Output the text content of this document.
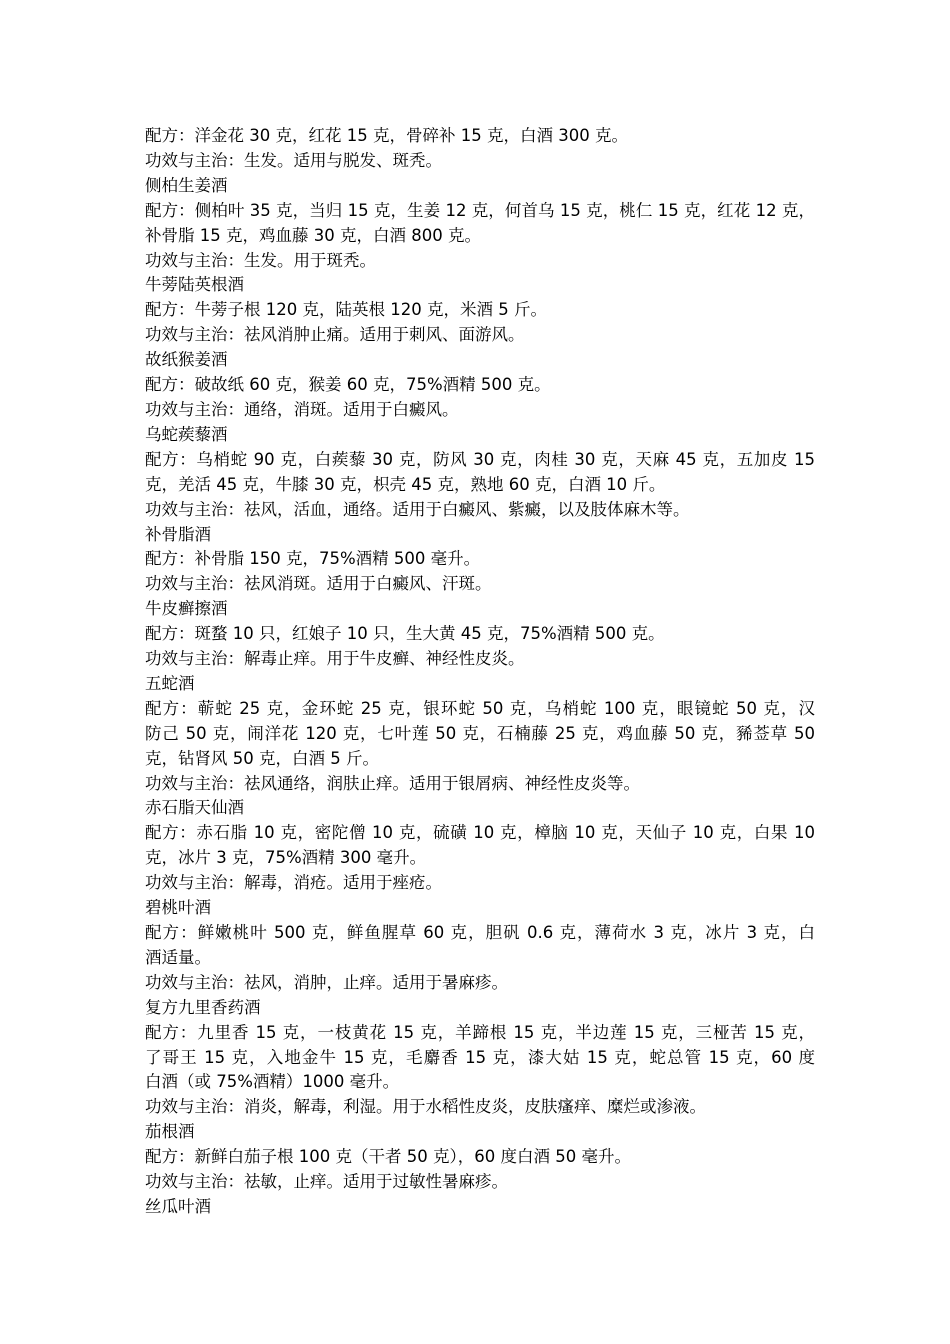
配方：洋金花 30 克，红花 15 克，骨碎补 15 克，白酒 300 克。
功效与主治：生发。适用与脱发、斑秃。
侧柏生姜酒
配方：侧柏叶 35 克，当归 15 克，生姜 12 克，何首乌 15 克，桃仁 15 克，红花 12 克，
补骨脂 15 克，鸡血藤 30 克，白酒 800 克。
功效与主治：生发。用于斑秃。
牛蒡陆英根酒
配方：牛蒡子根 120 克，陆英根 120 克，米酒 5 斤。
功效与主治：祛风消肿止痛。适用于刺风、面游风。
故纸猴姜酒
配方：破故纸 60 克，猴姜 60 克，75%酒精 500 克。
功效与主治：通络，消斑。适用于白癜风。
乌蛇蒺藜酒
配方：乌梢蛇 90 克，白蒺藜 30 克，防风 30 克，肉桂 30 克，天麻 45 克，五加皮 15
克，羌活 45 克，牛膝 30 克，枳壳 45 克，熟地 60 克，白酒 10 斤。
功效与主治：祛风，活血，通络。适用于白癜风、紫癜，以及肢体麻木等。
补骨脂酒
配方：补骨脂 150 克，75%酒精 500 毫升。
功效与主治：祛风消斑。适用于白癜风、汗斑。
牛皮癣擦酒
配方：斑蝥 10 只，红娘子 10 只，生大黄 45 克，75%酒精 500 克。
功效与主治：解毒止痒。用于牛皮癣、神经性皮炎。
五蛇酒
配方：蕲蛇 25 克，金环蛇 25 克，银环蛇 50 克，乌梢蛇 100 克，眼镜蛇 50 克，汉
防己 50 克，闹洋花 120 克，七叶莲 50 克，石楠藤 25 克，鸡血藤 50 克，豨莶草 50
克，钻肾风 50 克，白酒 5 斤。
功效与主治：祛风通络，润肤止痒。适用于银屑病、神经性皮炎等。
赤石脂天仙酒
配方：赤石脂 10 克，密陀僧 10 克，硫磺 10 克，樟脑 10 克，天仙子 10 克，白果 10
克，冰片 3 克，75%酒精 300 毫升。
功效与主治：解毒，消疮。适用于痤疮。
碧桃叶酒
配方：鲜嫩桃叶 500 克，鲜鱼腥草 60 克，胆矾 0.6 克，薄荷水 3 克，冰片 3 克，白
酒适量。
功效与主治：祛风，消肿，止痒。适用于暑麻疹。
复方九里香药酒
配方：九里香 15 克，一枝黄花 15 克，羊蹄根 15 克，半边莲 15 克，三桠苦 15 克，
了哥王 15 克，入地金牛 15 克，毛麝香 15 克，漆大姑 15 克，蛇总管 15 克，60 度
白酒（或 75%酒精）1000 毫升。
功效与主治：消炎，解毒，利湿。用于水稻性皮炎，皮肤瘙痒、糜烂或渗液。
茄根酒
配方：新鲜白茄子根 100 克（干者 50 克），60 度白酒 50 毫升。
功效与主治：祛敏，止痒。适用于过敏性暑麻疹。
丝瓜叶酒
